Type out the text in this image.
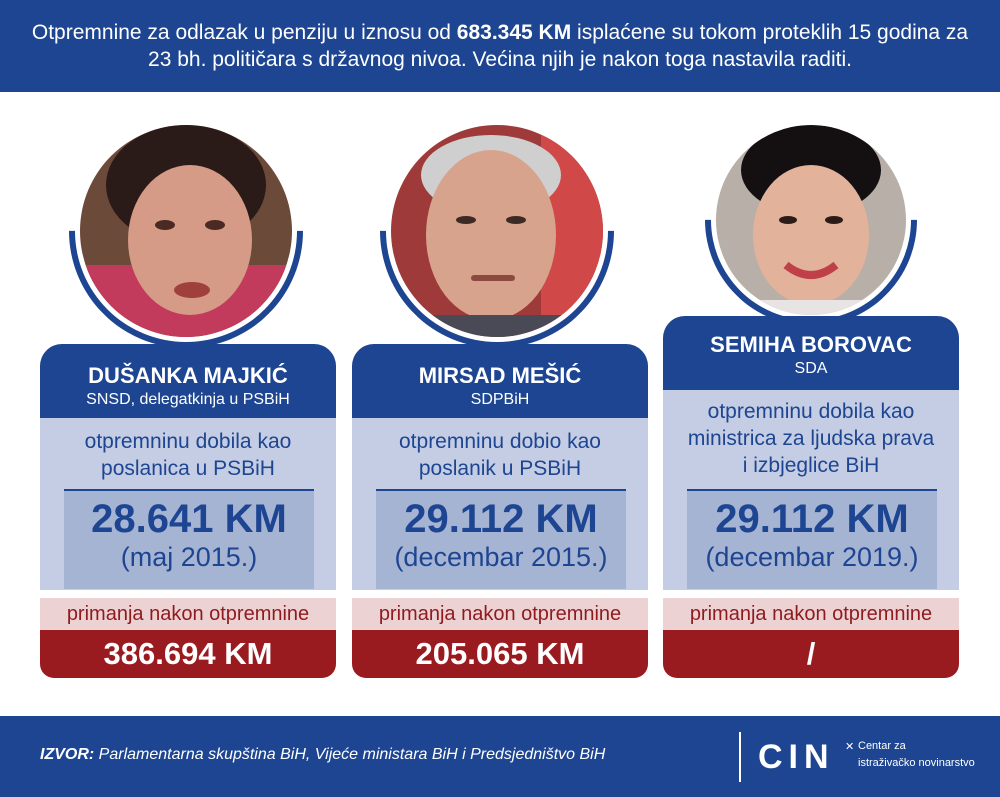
Otpremnine za odlazak u penziju u iznosu od 683.345 KM isplaćene su tokom proteklih 15 godina za 23 bh. političara s državnog nivoa. Većina njih je nakon toga nastavila raditi.

DUŠANKA MAJKIĆ
SNSD, delegatkinja u PSBiH
otpremninu dobila kao poslanica u PSBiH
28.641 KM
(maj 2015.)
primanja nakon otpremnine
386.694 KM
MIRSAD MEŠIĆ
SDPBiH
otpremninu dobio kao poslanik u PSBiH
29.112 KM
(decembar 2015.)
primanja nakon otpremnine
205.065 KM
SEMIHA BOROVAC
SDA
otpremninu dobila kao ministrica za ljudska prava i izbjeglice BiH
29.112 KM
(decembar 2019.)
primanja nakon otpremnine
/
IZVOR: Parlamentarna skupština BiH, Vijeće ministara BiH i Predsjedništvo BiH	CIN ✕ Centar za
istraživačko novinarstvo
